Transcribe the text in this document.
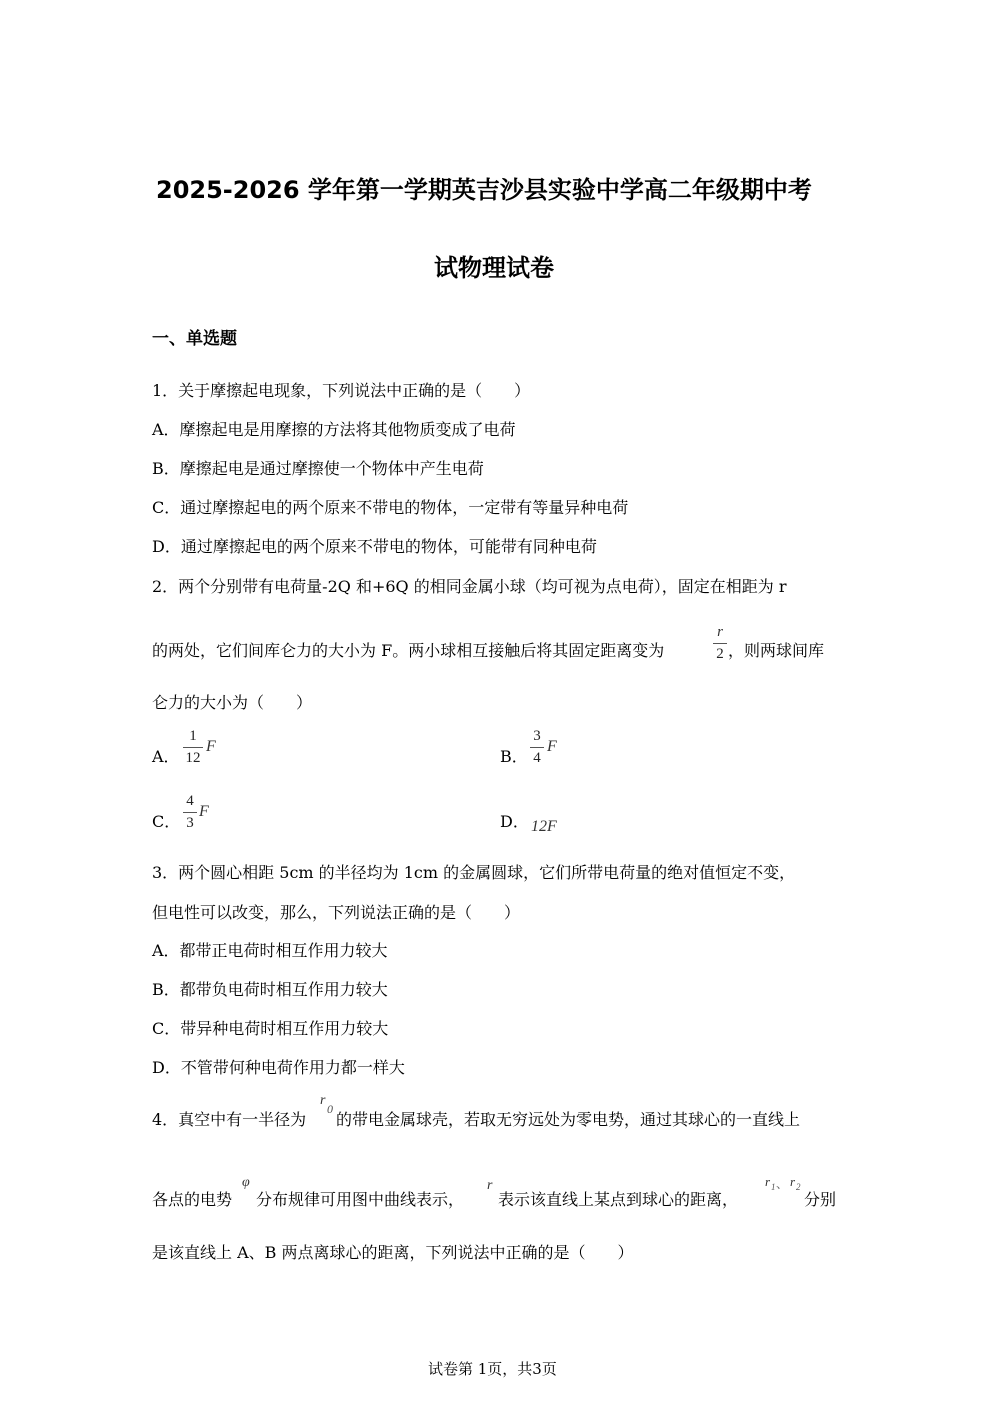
2025-2026 学年第一学期英吉沙县实验中学高二年级期中考
试物理试卷
一、单选题
1．关于摩擦起电现象，下列说法中正确的是（　　）
A．摩擦起电是用摩擦的方法将其他物质变成了电荷
B．摩擦起电是通过摩擦使一个物体中产生电荷
C．通过摩擦起电的两个原来不带电的物体，一定带有等量异种电荷
D．通过摩擦起电的两个原来不带电的物体，可能带有同种电荷
2．两个分别带有电荷量-2Q 和+6Q 的相同金属小球（均可视为点电荷），固定在相距为 r
的两处，它们间库仑力的大小为 F。两小球相互接触后将其固定距离变为
r
2 ，则两球间库
仑力的大小为（　　）
A．
1
12
F
B．
3
4
F
C．
4
3
F
D． 12F
3．两个圆心相距 5cm 的半径均为 1cm 的金属圆球，它们所带电荷量的绝对值恒定不变，
但电性可以改变，那么，下列说法正确的是（　　）
A．都带正电荷时相互作用力较大
B．都带负电荷时相互作用力较大
C．带异种电荷时相互作用力较大
D．不管带何种电荷作用力都一样大
4．真空中有一半径为
r
0
的带电金属球壳，若取无穷远处为零电势，通过其球心的一直线上
各点的电势
φ
分布规律可用图中曲线表示，
r
表示该直线上某点到球心的距离，
r 1 、 r 2
分别
是该直线上 A、B 两点离球心的距离，下列说法中正确的是（　　）
试卷第 1页，共3页
